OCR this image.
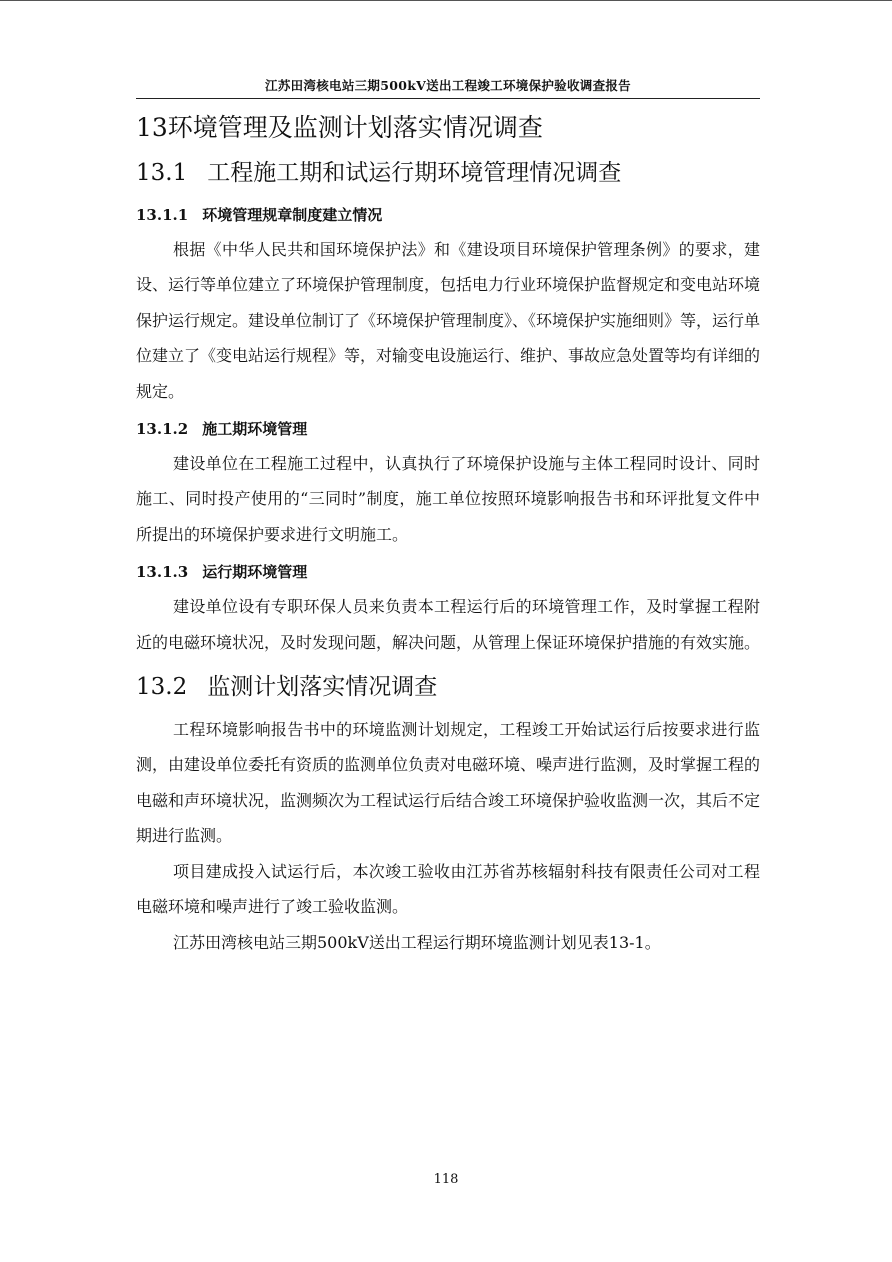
江苏田湾核电站三期500kV送出工程竣工环境保护验收调查报告
13环境管理及监测计划落实情况调查
13.1 工程施工期和试运行期环境管理情况调查
13.1.1 环境管理规章制度建立情况

根据《中华人民共和国环境保护法》和《建设项目环境保护管理条例》的要求，建设、运行等单位建立了环境保护管理制度，包括电力行业环境保护监督规定和变电站环境保护运行规定。建设单位制订了《环境保护管理制度》、《环境保护实施细则》等，运行单位建立了《变电站运行规程》等，对输变电设施运行、维护、事故应急处置等均有详细的规定。

13.1.2 施工期环境管理

建设单位在工程施工过程中，认真执行了环境保护设施与主体工程同时设计、同时施工、同时投产使用的“三同时”制度，施工单位按照环境影响报告书和环评批复文件中所提出的环境保护要求进行文明施工。

13.1.3 运行期环境管理

建设单位设有专职环保人员来负责本工程运行后的环境管理工作，及时掌握工程附近的电磁环境状况，及时发现问题，解决问题，从管理上保证环境保护措施的有效实施。

13.2 监测计划落实情况调查

工程环境影响报告书中的环境监测计划规定，工程竣工开始试运行后按要求进行监测，由建设单位委托有资质的监测单位负责对电磁环境、噪声进行监测，及时掌握工程的电磁和声环境状况，监测频次为工程试运行后结合竣工环境保护验收监测一次，其后不定期进行监测。

项目建成投入试运行后，本次竣工验收由江苏省苏核辐射科技有限责任公司对工程电磁环境和噪声进行了竣工验收监测。

江苏田湾核电站三期500kV送出工程运行期环境监测计划见表13-1。

118
